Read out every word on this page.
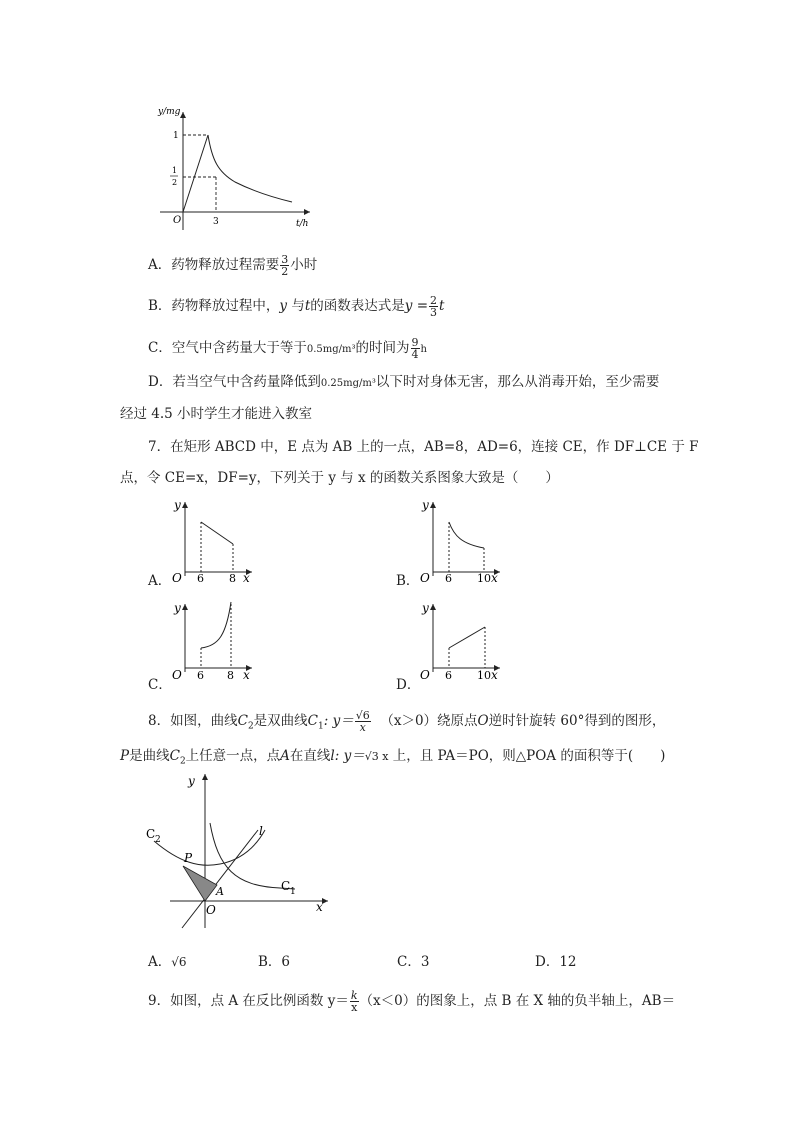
y/mg
1
1
2
O	3	t/h
A．药物释放过程需要 $\frac{3}{2}$ 小时
B．药物释放过程中，y 与t的函数表达式是$y = \frac{2}{3}$ t
C．空气中含药量大于等于0.5mg/m³的时间为 $\frac{9}{4}$ h
D．若当空气中含药量降低到0.25mg/m³以下时对身体无害，那么从消毒开始，至少需要
经过 4.5 小时学生才能进入教室
7．在矩形 ABCD 中，E 点为 AB 上的一点，AB=8，AD=6，连接 CE，作 DF⊥CE 于 F
点，令 CE=x，DF=y，下列关于 y 与 x 的函数关系图象大致是（　　）
y
O 6 8 x
A．
y
O 6 10 x
B．
y
O 6 8 x
C．
y
O 6 10 x
D．
8．如图，曲线$C_2$是双曲线$C_1$: $y= \frac{√6}{x} (x>0)$绕原点O逆时针旋转 60°得到的图形，
P是曲线$C_2$上任意一点，点A在直线l: y＝√3 x 上，且 PA＝PO，则△POA 的面积等于(　　)
y
l
C 2
P
A	C 1
O	x
A．√6	B．6	C．3	D．12
9．如图，点 A 在反比例函数 $y= \frac{k}{x} (x<0)$的图象上，点 B 在 X 轴的负半轴上，AB＝
